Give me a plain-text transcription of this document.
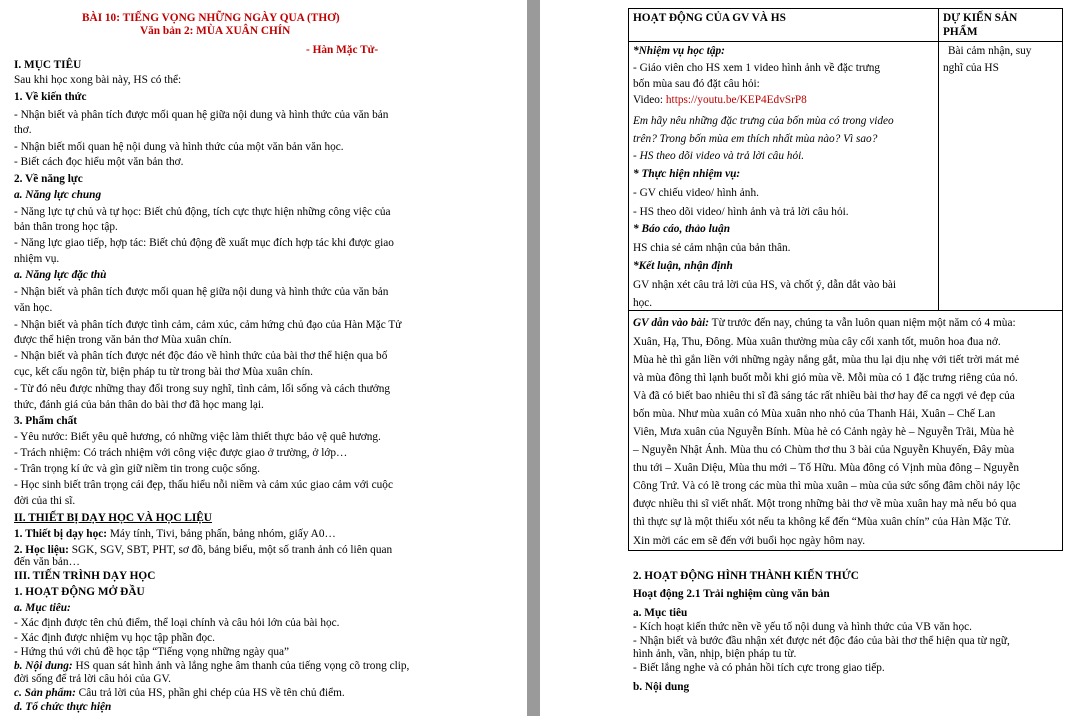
BÀI 10: TIẾNG VỌNG NHỮNG NGÀY QUA (THƠ)
Văn bản 2: MÙA XUÂN CHÍN
- Hàn Mặc Tử-
I. MỤC TIÊU
Sau khi học xong bài này, HS có thể:
1. Về kiến thức
- Nhận biết và phân tích được mối quan hệ giữa nội dung và hình thức của văn bản
thơ.
- Nhận biết mối quan hệ nội dung và hình thức của một văn bản văn học.
- Biết cách đọc hiểu một văn bản thơ.
2. Về năng lực
a. Năng lực chung
- Năng lực tự chủ và tự học: Biết chủ động, tích cực thực hiện những công việc của
bản thân trong học tập.
- Năng lực giao tiếp, hợp tác: Biết chủ động đề xuất mục đích hợp tác khi được giao
nhiệm vụ.
a. Năng lực đặc thù
- Nhận biết và phân tích được mối quan hệ giữa nội dung và hình thức của văn bản
văn học.
- Nhận biết và phân tích được tình cảm, cảm xúc, cảm hứng chủ đạo của Hàn Mặc Tử
được thể hiện trong văn bản thơ Mùa xuân chín.
- Nhận biết và phân tích được nét độc đáo về hình thức của bài thơ thể hiện qua bố
cục, kết cấu ngôn từ, biện pháp tu từ trong bài thơ Mùa xuân chín.
- Từ đó nêu được những thay đổi trong suy nghĩ, tình cảm, lối sống và cách thưởng
thức, đánh giá của bản thân do bài thơ đã học mang lại.
3. Phẩm chất
- Yêu nước: Biết yêu quê hương, có những việc làm thiết thực bảo vệ quê hương.
- Trách nhiệm: Có trách nhiệm với công việc được giao ở trường, ở lớp…
- Trân trọng kí ức và gìn giữ niềm tin trong cuộc sống.
- Học sinh biết trân trọng cái đẹp, thấu hiểu nỗi niềm và cảm xúc giao cảm với cuộc
đời của thi sĩ.
II. THIẾT BỊ DẠY HỌC VÀ HỌC LIỆU
1. Thiết bị dạy học: Máy tính, Tivi, bảng phấn, bảng nhóm, giấy A0…
2. Học liệu: SGK, SGV, SBT, PHT, sơ đồ, bảng biểu, một số tranh ảnh có liên quan
đến văn bản…
III. TIẾN TRÌNH DẠY HỌC
1. HOẠT ĐỘNG MỞ ĐẦU
a. Mục tiêu:
- Xác định được tên chủ điểm, thể loại chính và câu hỏi lớn của bài học.
- Xác định được nhiệm vụ học tập phần đọc.
- Hứng thú với chủ đề học tập “Tiếng vọng những ngày qua”
b. Nội dung: HS quan sát hình ảnh và lắng nghe âm thanh của tiếng vọng cõ trong clip,
đời sống để trả lời câu hỏi của GV.
c. Sản phẩm: Câu trả lời của HS, phần ghi chép của HS về tên chủ điểm.
d. Tổ chức thực hiện
HOẠT ĐỘNG CỦA GV VÀ HS	DỰ KIẾN SẢN
PHẨM
*Nhiệm vụ học tập:
- Giáo viên cho HS xem 1 video hình ảnh về đặc trưng
bốn mùa sau đó đặt câu hỏi:
Video: https://youtu.be/KEP4EdvSrP8
Em hãy nêu những đặc trưng của bốn mùa có trong video
trên? Trong bốn mùa em thích nhất mùa nào? Vì sao?
- HS theo dõi video và trả lời câu hỏi.
* Thực hiện nhiệm vụ:
- GV chiếu video/ hình ảnh.
- HS theo dõi video/ hình ảnh và trả lời câu hỏi.
* Báo cáo, thảo luận
HS chia sẻ cảm nhận của bản thân.
*Kết luận, nhận định
GV nhận xét câu trả lời của HS, và chốt ý, dẫn dắt vào bài
học.
Bài cảm nhận, suy
nghĩ của HS
GV dẫn vào bài: Từ trước đến nay, chúng ta vẫn luôn quan niệm một năm có 4 mùa:
Xuân, Hạ, Thu, Đông. Mùa xuân thường mùa cây cối xanh tốt, muôn hoa đua nở.
Mùa hè thì gắn liền với những ngày nắng gắt, mùa thu lại dịu nhẹ với tiết trời mát mẻ
và mùa đông thì lạnh buốt mỗi khi gió mùa về. Mỗi mùa có 1 đặc trưng riêng của nó.
Và đã có biết bao nhiêu thi sĩ đã sáng tác rất nhiều bài thơ hay để ca ngợi vẻ đẹp của
bốn mùa. Như mùa xuân có Mùa xuân nho nhỏ của Thanh Hải, Xuân – Chế Lan
Viên, Mưa xuân của Nguyễn Bính. Mùa hè có Cảnh ngày hè – Nguyễn Trãi, Mùa hè
– Nguyễn Nhật Ánh. Mùa thu có Chùm thơ thu 3 bài của Nguyễn Khuyến, Đây mùa
thu tới – Xuân Diệu, Mùa thu mới – Tố Hữu. Mùa đông có Vịnh mùa đông – Nguyễn
Công Trứ. Và có lẽ trong các mùa thì mùa xuân – mùa của sức sống đâm chồi nảy lộc
được nhiều thi sĩ viết nhất. Một trong những bài thơ về mùa xuân hay mà nếu bỏ qua
thì thực sự là một thiếu xót nếu ta không kể đến “Mùa xuân chín” của Hàn Mặc Tử.
Xin mời các em sẽ đến với buổi học ngày hôm nay.
2. HOẠT ĐỘNG HÌNH THÀNH KIẾN THỨC
Hoạt động 2.1 Trải nghiệm cùng văn bản
a. Mục tiêu
- Kích hoạt kiến thức nền về yếu tố nội dung và hình thức của VB văn học.
- Nhận biết và bước đầu nhận xét được nét độc đáo của bài thơ thể hiện qua từ ngữ,
hình ảnh, vần, nhịp, biện pháp tu từ.
- Biết lắng nghe và có phản hồi tích cực trong giao tiếp.
b. Nội dung
